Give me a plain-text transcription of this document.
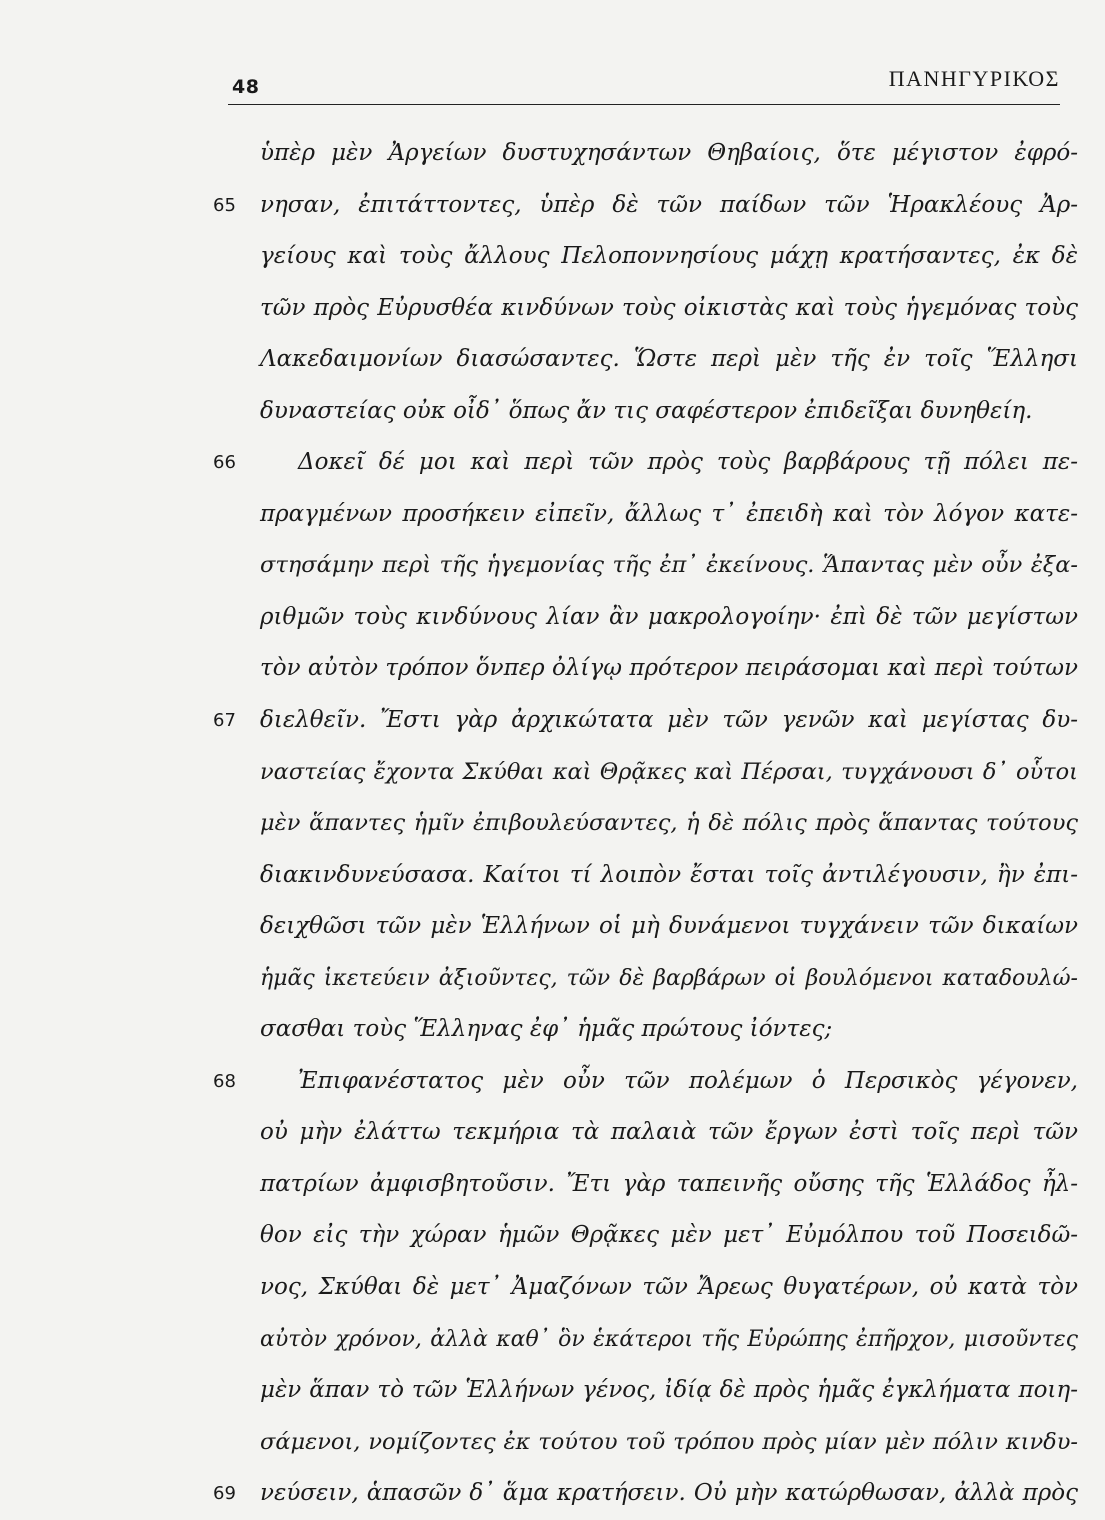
48	ΠΑΝΗΓΥΡΙΚΟΣ
ὑπὲρ μὲν Ἀργείων δυστυχησάντων Θηβαίοις, ὅτε μέγιστον ἐφρό-
65 νησαν, ἐπιτάττοντες, ὑπὲρ δὲ τῶν παίδων τῶν Ἡρακλέους Ἀρ-
γείους καὶ τοὺς ἄλλους Πελοποννησίους μάχῃ κρατήσαντες, ἐκ δὲ
τῶν πρὸς Εὐρυσθέα κινδύνων τοὺς οἰκιστὰς καὶ τοὺς ἡγεμόνας τοὺς
Λακεδαιμονίων διασώσαντες. Ὥστε περὶ μὲν τῆς ἐν τοῖς Ἕλλησι
δυναστείας οὐκ οἶδ᾽ ὅπως ἄν τις σαφέστερον ἐπιδεῖξαι δυνηθείη.
66	Δοκεῖ δέ μοι καὶ περὶ τῶν πρὸς τοὺς βαρβάρους τῇ πόλει πε-
πραγμένων προσήκειν εἰπεῖν, ἄλλως τ᾽ ἐπειδὴ καὶ τὸν λόγον κατε-
στησάμην περὶ τῆς ἡγεμονίας τῆς ἐπ᾽ ἐκείνους. Ἅπαντας μὲν οὖν ἐξα-
ριθμῶν τοὺς κινδύνους λίαν ἂν μακρολογοίην· ἐπὶ δὲ τῶν μεγίστων
τὸν αὐτὸν τρόπον ὅνπερ ὀλίγῳ πρότερον πειράσομαι καὶ περὶ τούτων
67 διελθεῖν. Ἔστι γὰρ ἀρχικώτατα μὲν τῶν γενῶν καὶ μεγίστας δυ-
ναστείας ἔχοντα Σκύθαι καὶ Θρᾷκες καὶ Πέρσαι, τυγχάνουσι δ᾽ οὗτοι
μὲν ἅπαντες ἡμῖν ἐπιβουλεύσαντες, ἡ δὲ πόλις πρὸς ἅπαντας τούτους
διακινδυνεύσασα. Καίτοι τί λοιπὸν ἔσται τοῖς ἀντιλέγουσιν, ἢν ἐπι-
δειχθῶσι τῶν μὲν Ἑλλήνων οἱ μὴ δυνάμενοι τυγχάνειν τῶν δικαίων
ἡμᾶς ἱκετεύειν ἀξιοῦντες, τῶν δὲ βαρβάρων οἱ βουλόμενοι καταδουλώ-
σασθαι τοὺς Ἕλληνας ἐφ᾽ ἡμᾶς πρώτους ἰόντες;
68	Ἐπιφανέστατος μὲν οὖν τῶν πολέμων ὁ Περσικὸς γέγονεν,
οὐ μὴν ἐλάττω τεκμήρια τὰ παλαιὰ τῶν ἔργων ἐστὶ τοῖς περὶ τῶν
πατρίων ἀμφισβητοῦσιν. Ἔτι γὰρ ταπεινῆς οὔσης τῆς Ἑλλάδος ἦλ-
θον εἰς τὴν χώραν ἡμῶν Θρᾷκες μὲν μετ᾽ Εὐμόλπου τοῦ Ποσειδῶ-
νος, Σκύθαι δὲ μετ᾽ Ἀμαζόνων τῶν Ἄρεως θυγατέρων, οὐ κατὰ τὸν
αὐτὸν χρόνον, ἀλλὰ καθ᾽ ὃν ἑκάτεροι τῆς Εὐρώπης ἐπῆρχον, μισοῦντες
μὲν ἅπαν τὸ τῶν Ἑλλήνων γένος, ἰδίᾳ δὲ πρὸς ἡμᾶς ἐγκλήματα ποιη-
σάμενοι, νομίζοντες ἐκ τούτου τοῦ τρόπου πρὸς μίαν μὲν πόλιν κινδυ-
69 νεύσειν, ἁπασῶν δ᾽ ἅμα κρατήσειν. Οὐ μὴν κατώρθωσαν, ἀλλὰ πρὸς
